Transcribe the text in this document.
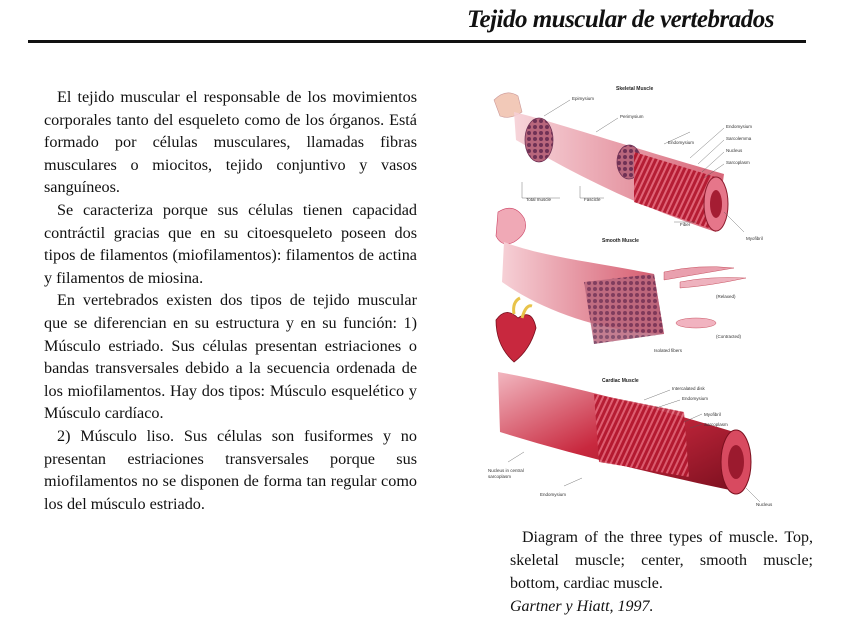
Tejido muscular de vertebrados

El tejido muscular el responsable de los movimientos corporales tanto del esqueleto como de los órganos. Está formado por células musculares, llamadas fibras musculares o miocitos, tejido conjuntivo y vasos sanguíneos.

Se caracteriza porque sus células tienen capacidad contráctil gracias que en su citoesqueleto poseen dos tipos de filamentos (miofilamentos): filamentos de actina y filamentos de miosina.

En vertebrados existen dos tipos de tejido muscular que se diferencian en su estructura y en su función: 1) Músculo estriado. Sus células presentan estriaciones o bandas transversales debido a la secuencia ordenada de los miofilamentos. Hay dos tipos: Músculo esquelético y Músculo cardíaco.

2) Músculo liso. Sus células son fusiformes y no presentan estriaciones transversales porque sus miofilamentos no se disponen de forma tan regular como los del músculo estriado.

Skeletal Muscle
Epimysium
Perimysium
Endomysium
Endomysium
Sarcolemma
Nucleus
Sarcoplasm
Total muscle	Fascicle
Fiber
Myofibril
Smooth Muscle
(Relaxed)
(Contracted)
Isolated fibers
Cardiac Muscle
Intercalated disk
Endomysium
Myofibril
Sarcoplasm
Nucleus in central
sarcoplasm
Endomysium
Nucleus
Diagram of the three types of muscle. Top, skeletal muscle; center, smooth muscle; bottom, cardiac muscle.
Gartner y Hiatt, 1997.
